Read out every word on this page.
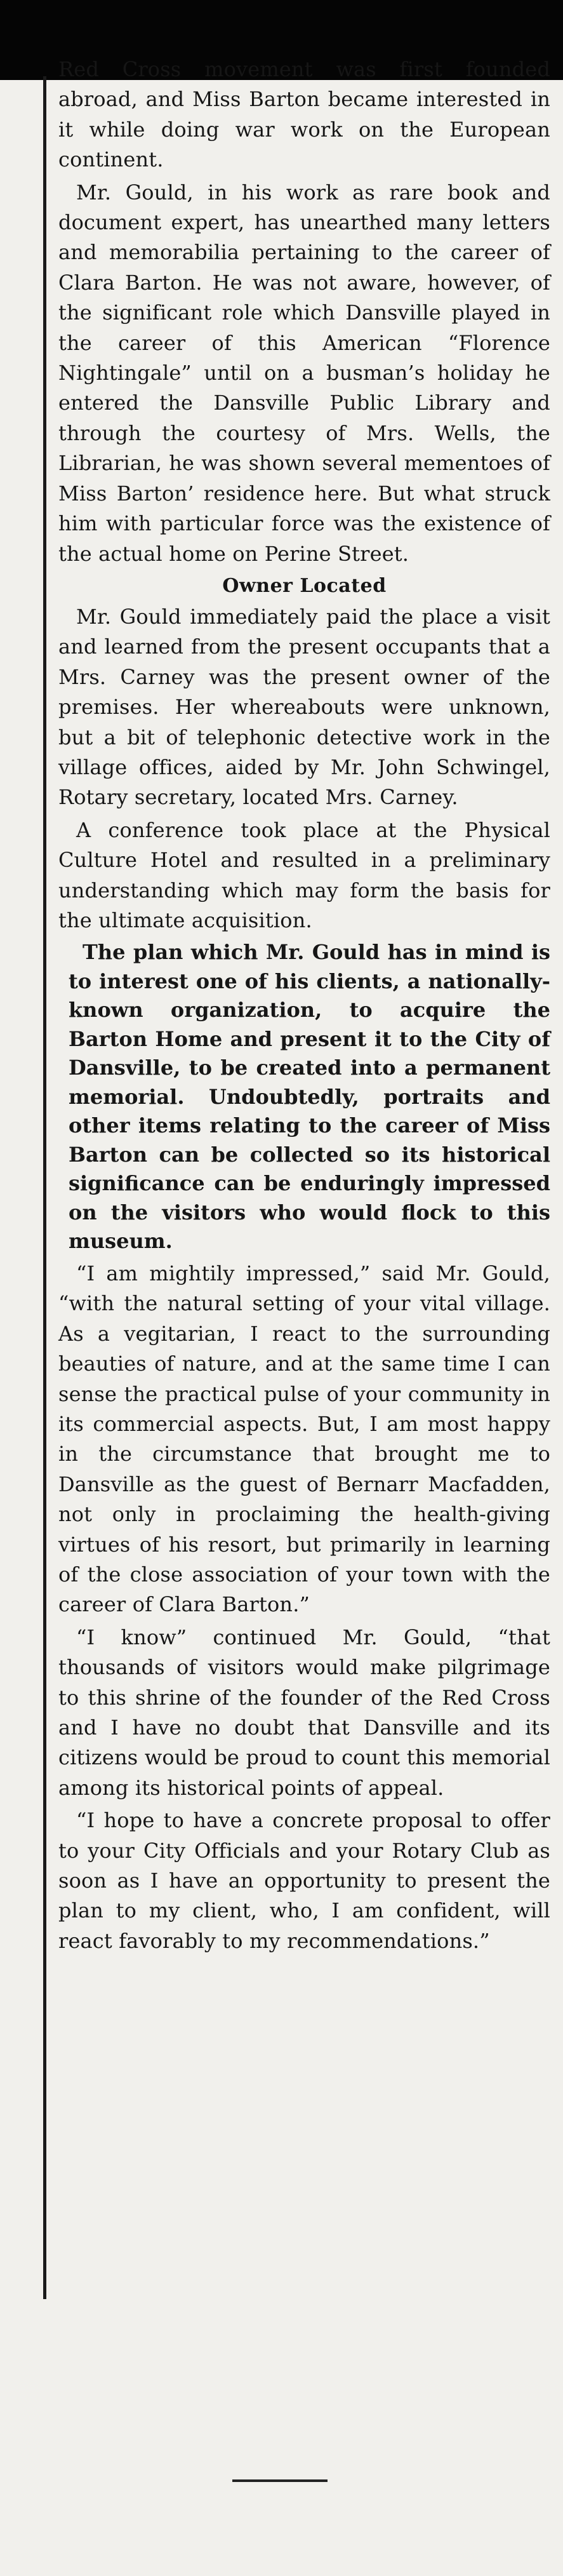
Red Cross movement was first founded abroad, and Miss Barton became interested in it while doing war work on the European continent.

Mr. Gould, in his work as rare book and document expert, has unearthed many letters and memorabilia pertaining to the career of Clara Barton. He was not aware, however, of the significant role which Dansville played in the career of this American “Florence Nightingale” until on a busman’s holiday he entered the Dansville Public Library and through the courtesy of Mrs. Wells, the Librarian, he was shown several mementoes of Miss Barton’ residence here. But what struck him with particular force was the existence of the actual home on Perine Street.

Owner Located

Mr. Gould immediately paid the place a visit and learned from the present occupants that a Mrs. Carney was the present owner of the premises. Her whereabouts were unknown, but a bit of telephonic detective work in the village offices, aided by Mr. John Schwingel, Rotary secretary, located Mrs. Carney.

A conference took place at the Physical Culture Hotel and resulted in a preliminary understanding which may form the basis for the ultimate acquisition.

The plan which Mr. Gould has in mind is to interest one of his clients, a nationally-known organization, to acquire the Barton Home and present it to the City of Dansville, to be created into a permanent memorial. Undoubtedly, portraits and other items relating to the career of Miss Barton can be collected so its historical significance can be enduringly impressed on the visitors who would flock to this museum.

“I am mightily impressed,” said Mr. Gould, “with the natural setting of your vital village. As a vegitarian, I react to the surrounding beauties of nature, and at the same time I can sense the practical pulse of your community in its commercial aspects. But, I am most happy in the circumstance that brought me to Dansville as the guest of Bernarr Macfadden, not only in proclaiming the health-giving virtues of his resort, but primarily in learning of the close association of your town with the career of Clara Barton.”

“I know” continued Mr. Gould, “that thousands of visitors would make pilgrimage to this shrine of the founder of the Red Cross and I have no doubt that Dansville and its citizens would be proud to count this memorial among its historical points of appeal.

“I hope to have a concrete proposal to offer to your City Officials and your Rotary Club as soon as I have an opportunity to present the plan to my client, who, I am confident, will react favorably to my recommendations.”
